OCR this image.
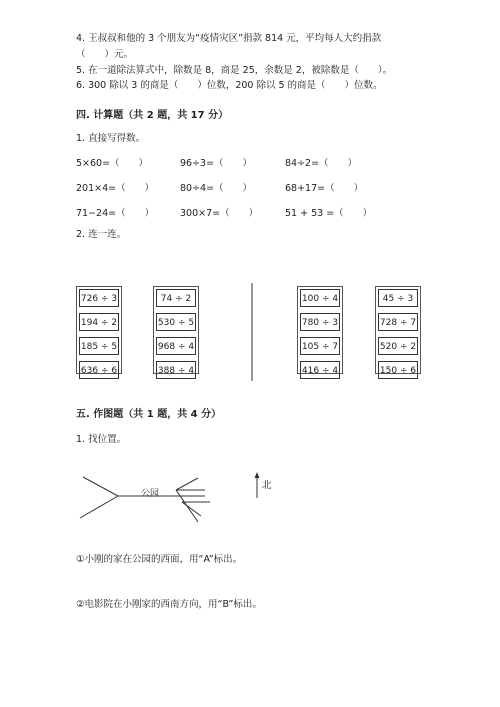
4. 王叔叔和他的 3 个朋友为“疫情灾区”捐款 814 元，平均每人大约捐款
（　　）元。
5. 在一道除法算式中，除数是 8，商是 25，余数是 2，被除数是（　　）。
6. 300 除以 3 的商是（　　）位数，200 除以 5 的商是（　　）位数。
四. 计算题（共 2 题，共 17 分）
1. 直接写得数。
5×60=（　　）	96÷3=（　　）	84÷2=（　　）
201×4=（　　）	80÷4=（　　）	68+17=（　　）
71−24=（　　）	300×7=（　　）	51 + 53 =（　　）
2. 连一连。
726 ÷ 3
194 ÷ 2
185 ÷ 5
636 ÷ 6
74 ÷ 2
530 ÷ 5
968 ÷ 4
388 ÷ 4
100 ÷ 4
780 ÷ 3
105 ÷ 7
416 ÷ 4
45 ÷ 3
728 ÷ 7
520 ÷ 2
150 ÷ 6
五. 作图题（共 1 题，共 4 分）
1. 找位置。
公园
北
①小刚的家在公园的西面，用“A”标出。
②电影院在小刚家的西南方向，用“B”标出。
